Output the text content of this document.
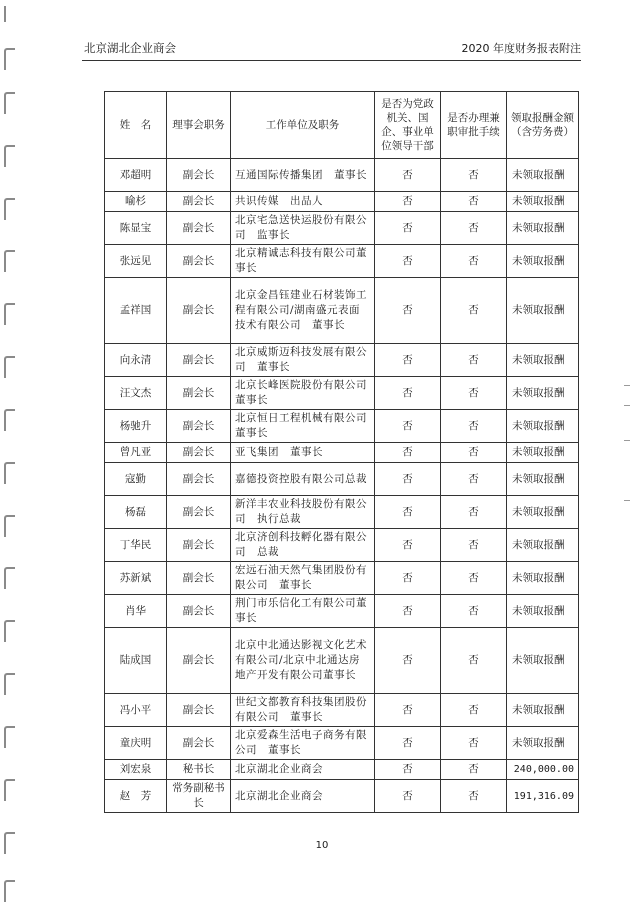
北京湖北企业商会	2020 年度财务报表附注
姓　名	理事会职务	工作单位及职务	是否为党政机关、国企、事业单位领导干部	是否办理兼职审批手续	领取报酬金额（含劳务费）
邓超明	副会长	互通国际传播集团　董事长	否	否	未领取报酬
喻杉	副会长	共识传媒　出品人	否	否	未领取报酬
陈显宝	副会长	北京宅急送快运股份有限公司　监事长	否	否	未领取报酬
张远见	副会长	北京精诚志科技有限公司董事长	否	否	未领取报酬
孟祥国	副会长	北京金昌钰建业石材装饰工程有限公司/湖南盛元表面技术有限公司　董事长	否	否	未领取报酬
向永清	副会长	北京威斯迈科技发展有限公司　董事长	否	否	未领取报酬
汪文杰	副会长	北京长峰医院股份有限公司董事长	否	否	未领取报酬
杨驰升	副会长	北京恒日工程机械有限公司　董事长	否	否	未领取报酬
曾凡亚	副会长	亚飞集团　董事长	否	否	未领取报酬
寇勤	副会长	嘉德投资控股有限公司总裁	否	否	未领取报酬
杨磊	副会长	新洋丰农业科技股份有限公司　执行总裁	否	否	未领取报酬
丁华民	副会长	北京济创科技孵化器有限公司　总裁	否	否	未领取报酬
苏新斌	副会长	宏远石油天然气集团股份有限公司　董事长	否	否	未领取报酬
肖华	副会长	荆门市乐信化工有限公司董事长	否	否	未领取报酬
陆成国	副会长	北京中北通达影视文化艺术有限公司/北京中北通达房地产开发有限公司董事长	否	否	未领取报酬
冯小平	副会长	世纪文都教育科技集团股份有限公司　董事长	否	否	未领取报酬
童庆明	副会长	北京爱森生活电子商务有限公司　董事长	否	否	未领取报酬
刘宏泉	秘书长	北京湖北企业商会	否	否	240,000.00
赵　芳	常务副秘书长	北京湖北企业商会	否	否	191,316.09
10
